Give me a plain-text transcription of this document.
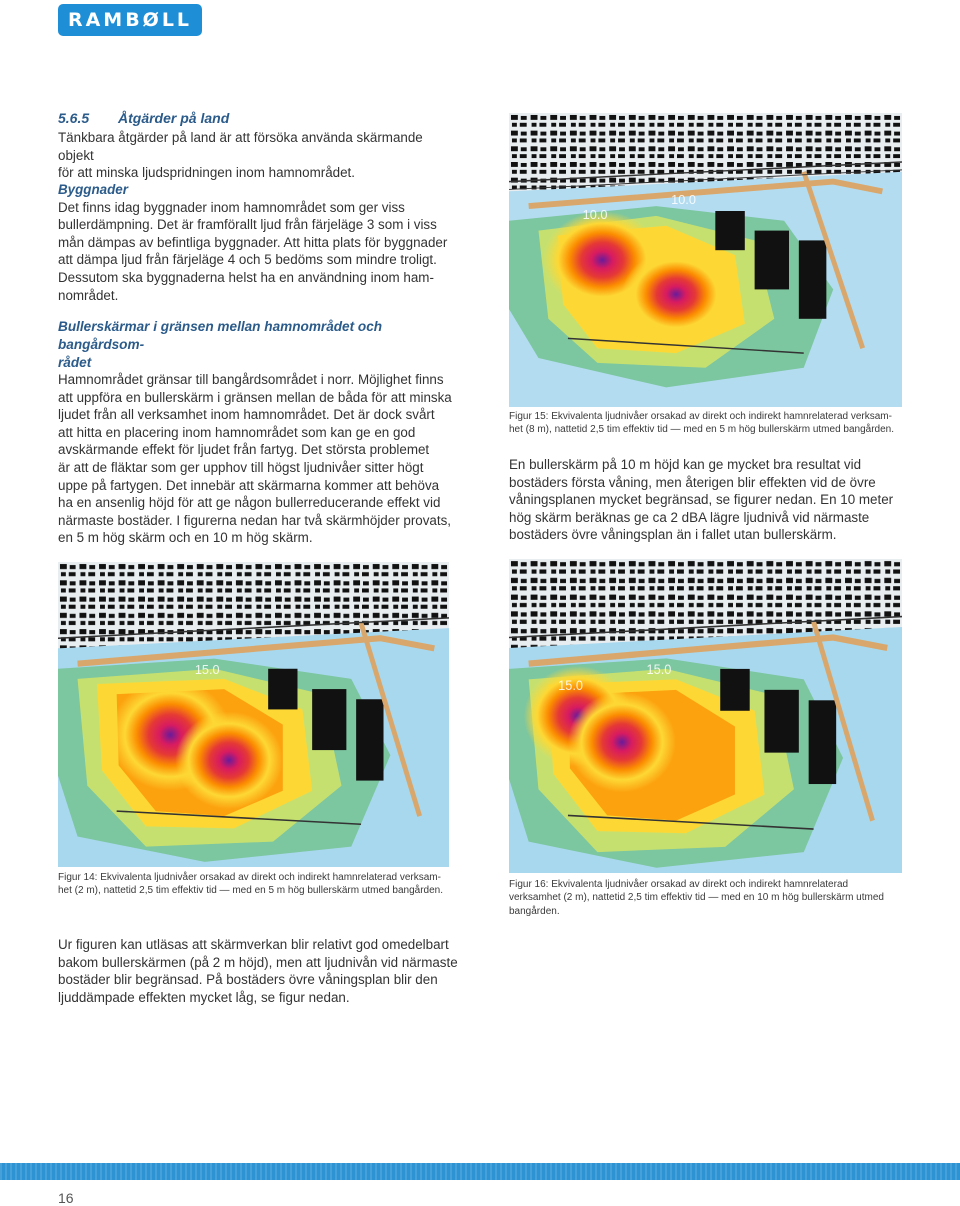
RAMBØLL
5.6.5 Åtgärder på land
Tänkbara åtgärder på land är att försöka använda skärmande objekt
för att minska ljudspridningen inom hamnområdet.
Byggnader
Det finns idag byggnader inom hamnområdet som ger viss
bullerdämpning. Det är framförallt ljud från färjeläge 3 som i viss
mån dämpas av befintliga byggnader. Att hitta plats för byggnader
att dämpa ljud från färjeläge 4 och 5 bedöms som mindre troligt.
Dessutom ska byggnaderna helst ha en användning inom ham-
nområdet.
Bullerskärmar i gränsen mellan hamnområdet och bangårdsom-
rådet
Hamnområdet gränsar till bangårdsområdet i norr. Möjlighet finns
att uppföra en bullerskärm i gränsen mellan de båda för att minska
ljudet från all verksamhet inom hamnområdet. Det är dock svårt
att hitta en placering inom hamnområdet som kan ge en god
avskärmande effekt för ljudet från fartyg. Det största problemet
är att de fläktar som ger upphov till högst ljudnivåer sitter högt
uppe på fartygen. Det innebär att skärmarna kommer att behöva
ha en ansenlig höjd för att ge någon bullerreducerande effekt vid
närmaste bostäder. I figurerna nedan har två skärmhöjder provats,
en 5 m hög skärm och en 10 m hög skärm.
10.0
10.0
Figur 15: Ekvivalenta ljudnivåer orsakad av direkt och indirekt hamnrelaterad verksam-
het (8 m), nattetid 2,5 tim effektiv tid — med en 5 m hög bullerskärm utmed bangården.
En bullerskärm på 10 m höjd kan ge mycket bra resultat vid
bostäders första våning, men återigen blir effekten vid de övre
våningsplanen mycket begränsad, se figurer nedan. En 10 meter
hög skärm beräknas ge ca 2 dBA lägre ljudnivå vid närmaste
bostäders övre våningsplan än i fallet utan bullerskärm.
15.0
Figur 14: Ekvivalenta ljudnivåer orsakad av direkt och indirekt hamnrelaterad verksam-
het (2 m), nattetid 2,5 tim effektiv tid — med en 5 m hög bullerskärm utmed bangården.
15.0
15.0
Figur 16: Ekvivalenta ljudnivåer orsakad av direkt och indirekt hamnrelaterad
verksamhet (2 m), nattetid 2,5 tim effektiv tid — med en 10 m hög bullerskärm utmed
bangården.
Ur figuren kan utläsas att skärmverkan blir relativt god omedelbart
bakom bullerskärmen (på 2 m höjd), men att ljudnivån vid närmaste
bostäder blir begränsad. På bostäders övre våningsplan blir den
ljuddämpade effekten mycket låg, se figur nedan.
16
